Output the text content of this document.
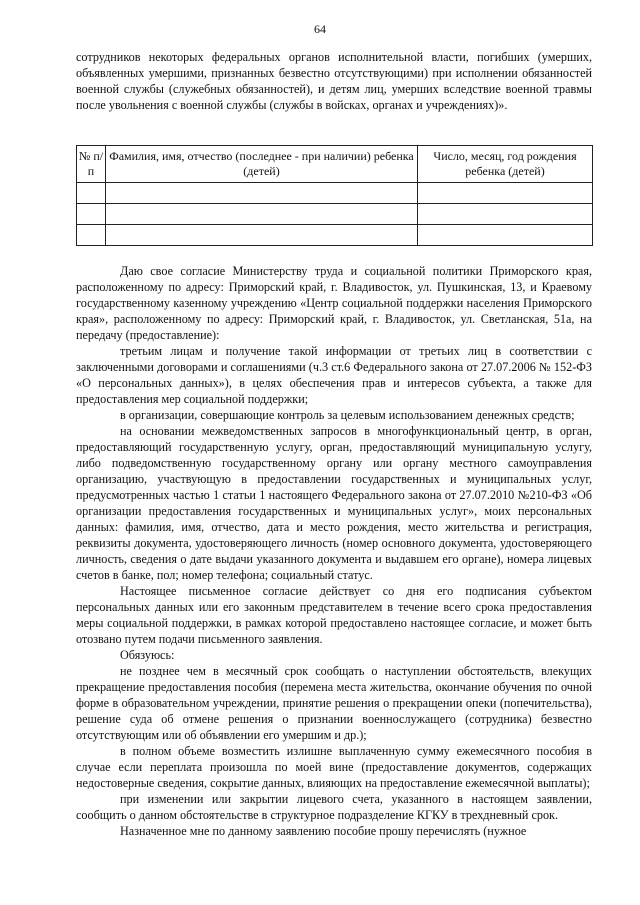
64

сотрудников некоторых федеральных органов исполнительной власти, погибших (умерших, объявленных умершими, признанных безвестно отсутствующими) при исполнении обязанностей военной службы (служебных обязанностей), и детям лиц, умерших вследствие военной травмы после увольнения с военной службы (службы в войсках, органах и учреждениях)».

№ п/п	Фамилия, имя, отчество (последнее - при наличии) ребенка (детей)	Число, месяц, год рождения ребенка (детей)

Даю свое согласие Министерству труда и социальной политики Приморского края, расположенному по адресу: Приморский край, г. Владивосток, ул. Пушкинская, 13, и Краевому государственному казенному учреждению «Центр социальной поддержки населения Приморского края», расположенному по адресу: Приморский край, г. Владивосток, ул. Светланская, 51а, на передачу (предоставление):

третьим лицам и получение такой информации от третьих лиц в соответствии с заключенными договорами и соглашениями (ч.3 ст.6 Федерального закона от 27.07.2006 № 152-ФЗ «О персональных данных»), в целях обеспечения прав и интересов субъекта, а также для предоставления мер социальной поддержки;

в организации, совершающие контроль за целевым использованием денежных средств;

на основании межведомственных запросов в многофункциональный центр, в орган, предоставляющий государственную услугу, орган, предоставляющий муниципальную услугу, либо подведомственную государственному органу или органу местного самоуправления организацию, участвующую в предоставлении государственных и муниципальных услуг, предусмотренных частью 1 статьи 1 настоящего Федерального закона от 27.07.2010 №210-ФЗ «Об организации предоставления государственных и муниципальных услуг», моих персональных данных: фамилия, имя, отчество, дата и место рождения, место жительства и регистрация, реквизиты документа, удостоверяющего личность (номер основного документа, удостоверяющего личность, сведения о дате выдачи указанного документа и выдавшем его органе), номера лицевых счетов в банке, пол; номер телефона; социальный статус.

Настоящее письменное согласие действует со дня его подписания субъектом персональных данных или его законным представителем в течение всего срока предоставления меры социальной поддержки, в рамках которой предоставлено настоящее согласие, и может быть отозвано путем подачи письменного заявления.

Обязуюсь:

не позднее чем в месячный срок сообщать о наступлении обстоятельств, влекущих прекращение предоставления пособия (перемена места жительства, окончание обучения по очной форме в образовательном учреждении, принятие решения о прекращении опеки (попечительства), решение суда об отмене решения о признании военнослужащего (сотрудника) безвестно отсутствующим или об объявлении его умершим и др.);

в полном объеме возместить излишне выплаченную сумму ежемесячного пособия в случае если переплата произошла по моей вине (предоставление документов, содержащих недостоверные сведения, сокрытие данных, влияющих на предоставление ежемесячной выплаты);

при изменении или закрытии лицевого счета, указанного в настоящем заявлении, сообщить о данном обстоятельстве в структурное подразделение КГКУ в трехдневный срок.

Назначенное мне по данному заявлению пособие прошу перечислять (нужное
